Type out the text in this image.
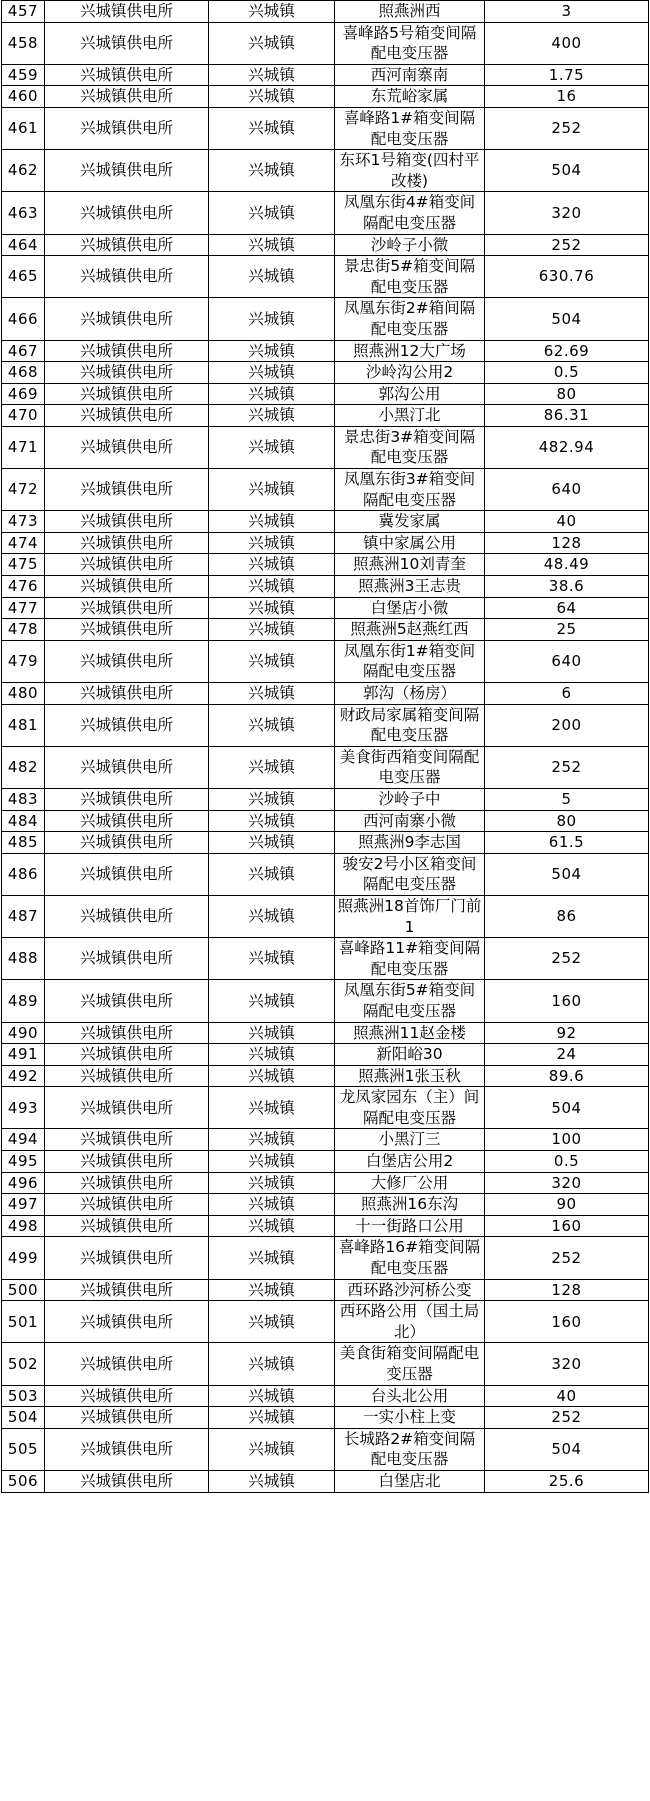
457	兴城镇供电所	兴城镇	照燕洲西	3
458	兴城镇供电所	兴城镇	喜峰路5号箱变间隔配电变压器	400
459	兴城镇供电所	兴城镇	西河南寨南	1.75
460	兴城镇供电所	兴城镇	东荒峪家属	16
461	兴城镇供电所	兴城镇	喜峰路1#箱变间隔配电变压器	252
462	兴城镇供电所	兴城镇	东环1号箱变(四村平改楼)	504
463	兴城镇供电所	兴城镇	凤凰东街4#箱变间隔配电变压器	320
464	兴城镇供电所	兴城镇	沙岭子小微	252
465	兴城镇供电所	兴城镇	景忠街5#箱变间隔配电变压器	630.76
466	兴城镇供电所	兴城镇	凤凰东街2#箱间隔配电变压器	504
467	兴城镇供电所	兴城镇	照燕洲12大广场	62.69
468	兴城镇供电所	兴城镇	沙岭沟公用2	0.5
469	兴城镇供电所	兴城镇	郭沟公用	80
470	兴城镇供电所	兴城镇	小黑汀北	86.31
471	兴城镇供电所	兴城镇	景忠街3#箱变间隔配电变压器	482.94
472	兴城镇供电所	兴城镇	凤凰东街3#箱变间隔配电变压器	640
473	兴城镇供电所	兴城镇	冀发家属	40
474	兴城镇供电所	兴城镇	镇中家属公用	128
475	兴城镇供电所	兴城镇	照燕洲10刘青奎	48.49
476	兴城镇供电所	兴城镇	照燕洲3王志贵	38.6
477	兴城镇供电所	兴城镇	白堡店小微	64
478	兴城镇供电所	兴城镇	照燕洲5赵燕红西	25
479	兴城镇供电所	兴城镇	凤凰东街1#箱变间隔配电变压器	640
480	兴城镇供电所	兴城镇	郭沟（杨房）	6
481	兴城镇供电所	兴城镇	财政局家属箱变间隔配电变压器	200
482	兴城镇供电所	兴城镇	美食街西箱变间隔配电变压器	252
483	兴城镇供电所	兴城镇	沙岭子中	5
484	兴城镇供电所	兴城镇	西河南寨小微	80
485	兴城镇供电所	兴城镇	照燕洲9李志国	61.5
486	兴城镇供电所	兴城镇	骏安2号小区箱变间隔配电变压器	504
487	兴城镇供电所	兴城镇	照燕洲18首饰厂门前1	86
488	兴城镇供电所	兴城镇	喜峰路11#箱变间隔配电变压器	252
489	兴城镇供电所	兴城镇	凤凰东街5#箱变间隔配电变压器	160
490	兴城镇供电所	兴城镇	照燕洲11赵金楼	92
491	兴城镇供电所	兴城镇	新阳峪30	24
492	兴城镇供电所	兴城镇	照燕洲1张玉秋	89.6
493	兴城镇供电所	兴城镇	龙凤家园东（主）间隔配电变压器	504
494	兴城镇供电所	兴城镇	小黑汀三	100
495	兴城镇供电所	兴城镇	白堡店公用2	0.5
496	兴城镇供电所	兴城镇	大修厂公用	320
497	兴城镇供电所	兴城镇	照燕洲16东沟	90
498	兴城镇供电所	兴城镇	十一街路口公用	160
499	兴城镇供电所	兴城镇	喜峰路16#箱变间隔配电变压器	252
500	兴城镇供电所	兴城镇	西环路沙河桥公变	128
501	兴城镇供电所	兴城镇	西环路公用（国土局北）	160
502	兴城镇供电所	兴城镇	美食街箱变间隔配电变压器	320
503	兴城镇供电所	兴城镇	台头北公用	40
504	兴城镇供电所	兴城镇	一实小柱上变	252
505	兴城镇供电所	兴城镇	长城路2#箱变间隔配电变压器	504
506	兴城镇供电所	兴城镇	白堡店北	25.6
